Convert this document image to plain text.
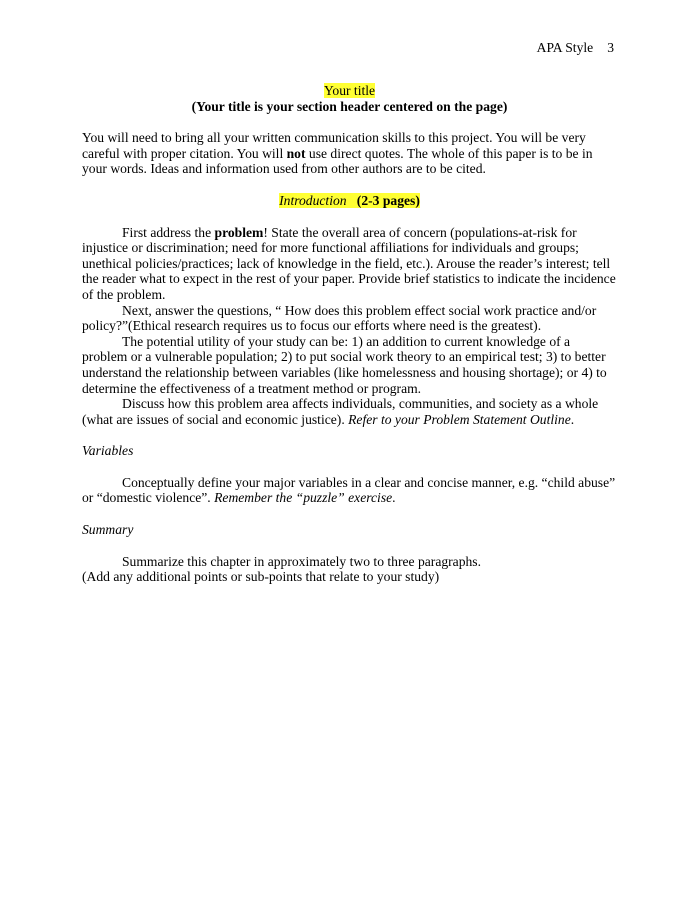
APA Style 3
Your title
(Your title is your section header centered on the page)

You will need to bring all your written communication skills to this project. You will be very careful with proper citation. You will not use direct quotes. The whole of this paper is to be in your words. Ideas and information used from other authors are to be cited.

Introduction (2-3 pages)

First address the problem! State the overall area of concern (populations-at-risk for injustice or discrimination; need for more functional affiliations for individuals and groups; unethical policies/practices; lack of knowledge in the field, etc.). Arouse the reader’s interest; tell the reader what to expect in the rest of your paper. Provide brief statistics to indicate the incidence of the problem.

Next, answer the questions, “ How does this problem effect social work practice and/or policy?”(Ethical research requires us to focus our efforts where need is the greatest).

The potential utility of your study can be: 1) an addition to current knowledge of a problem or a vulnerable population; 2) to put social work theory to an empirical test; 3) to better understand the relationship between variables (like homelessness and housing shortage); or 4) to determine the effectiveness of a treatment method or program.

Discuss how this problem area affects individuals, communities, and society as a whole (what are issues of social and economic justice). Refer to your Problem Statement Outline.

Variables

Conceptually define your major variables in a clear and concise manner, e.g. “child abuse” or “domestic violence”. Remember the “puzzle” exercise.

Summary

Summarize this chapter in approximately two to three paragraphs.

(Add any additional points or sub-points that relate to your study)
